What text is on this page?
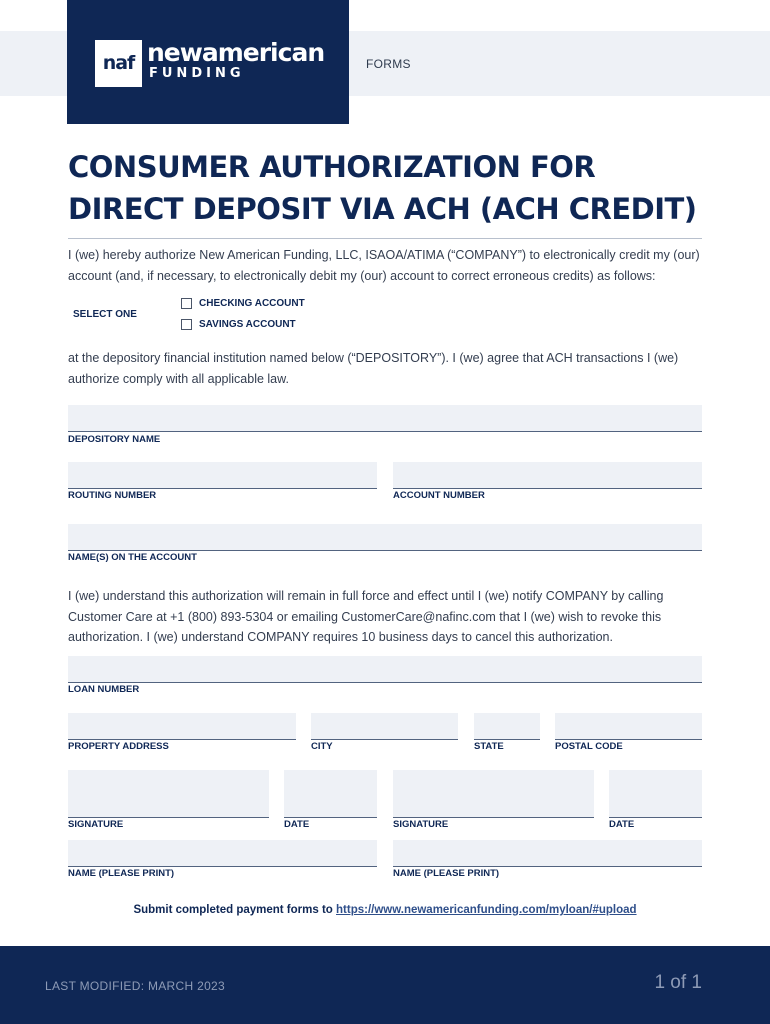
naf newamerican
FUNDING
FORMS
CONSUMER AUTHORIZATION FOR DIRECT DEPOSIT VIA ACH (ACH CREDIT)
I (we) hereby authorize New American Funding, LLC, ISAOA/ATIMA (“COMPANY”) to electronically credit my (our) account (and, if necessary, to electronically debit my (our) account to correct erroneous credits) as follows:
SELECT ONE
CHECKING ACCOUNT
SAVINGS ACCOUNT
at the depository financial institution named below (“DEPOSITORY”). I (we) agree that ACH transactions I (we) authorize comply with all applicable law.
DEPOSITORY NAME
ROUTING NUMBER	ACCOUNT NUMBER
NAME(S) ON THE ACCOUNT
I (we) understand this authorization will remain in full force and effect until I (we) notify COMPANY by calling Customer Care at +1 (800) 893-5304 or emailing CustomerCare@nafinc.com that I (we) wish to revoke this authorization. I (we) understand COMPANY requires 10 business days to cancel this authorization.
LOAN NUMBER
PROPERTY ADDRESS	CITY	STATE	POSTAL CODE
SIGNATURE	DATE	SIGNATURE	DATE
NAME (PLEASE PRINT)	NAME (PLEASE PRINT)
Submit completed payment forms to https://www.newamericanfunding.com/myloan/#upload
LAST MODIFIED: MARCH 2023	1 of 1
